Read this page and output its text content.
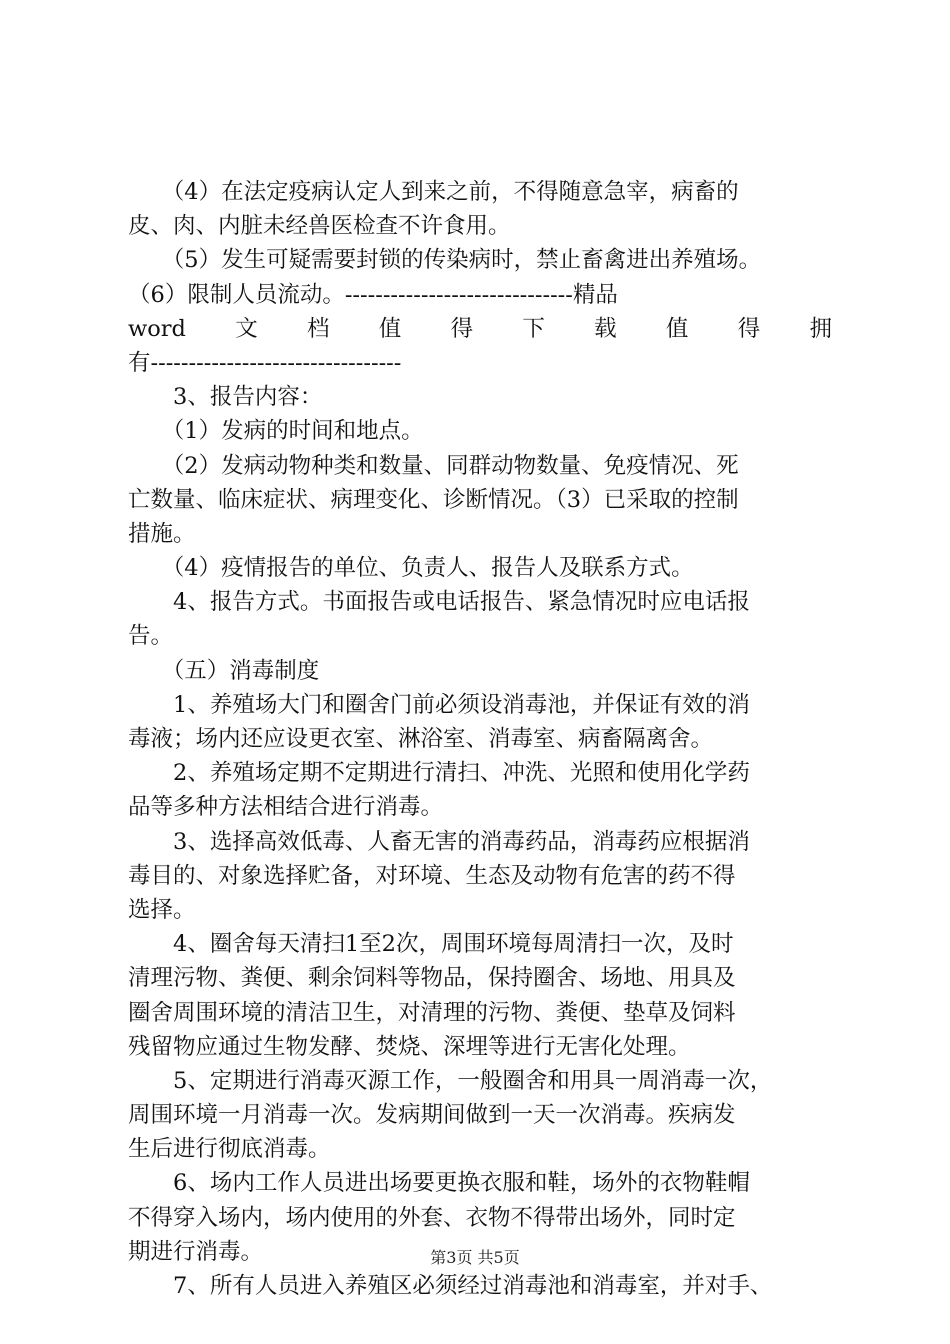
　　（4）在法定疫病认定人到来之前，不得随意急宰，病畜的
皮、肉、内脏未经兽医检查不许食用。
　　（5）发生可疑需要封锁的传染病时，禁止畜禽进出养殖场。
（6）限制人员流动。------------------------------精品
word 文 档 值 得 下 载 值 得 拥
有---------------------------------
　　3、报告内容：
　　（1）发病的时间和地点。
　　（2）发病动物种类和数量、同群动物数量、免疫情况、死
亡数量、临床症状、病理变化、诊断情况。（3）已采取的控制
措施。
　　（4）疫情报告的单位、负责人、报告人及联系方式。
　　4、报告方式。书面报告或电话报告、紧急情况时应电话报
告。
　　（五）消毒制度
　　1、养殖场大门和圈舍门前必须设消毒池，并保证有效的消
毒液；场内还应设更衣室、淋浴室、消毒室、病畜隔离舍。
　　2、养殖场定期不定期进行清扫、冲洗、光照和使用化学药
品等多种方法相结合进行消毒。
　　3、选择高效低毒、人畜无害的消毒药品，消毒药应根据消
毒目的、对象选择贮备，对环境、生态及动物有危害的药不得
选择。
　　4、圈舍每天清扫1至2次，周围环境每周清扫一次，及时
清理污物、粪便、剩余饲料等物品，保持圈舍、场地、用具及
圈舍周围环境的清洁卫生，对清理的污物、粪便、垫草及饲料
残留物应通过生物发酵、焚烧、深埋等进行无害化处理。
　　5、定期进行消毒灭源工作，一般圈舍和用具一周消毒一次，
周围环境一月消毒一次。发病期间做到一天一次消毒。疾病发
生后进行彻底消毒。
　　6、场内工作人员进出场要更换衣服和鞋，场外的衣物鞋帽
不得穿入场内，场内使用的外套、衣物不得带出场外，同时定
期进行消毒。
　　7、所有人员进入养殖区必须经过消毒池和消毒室，并对手、
第3页 共5页
